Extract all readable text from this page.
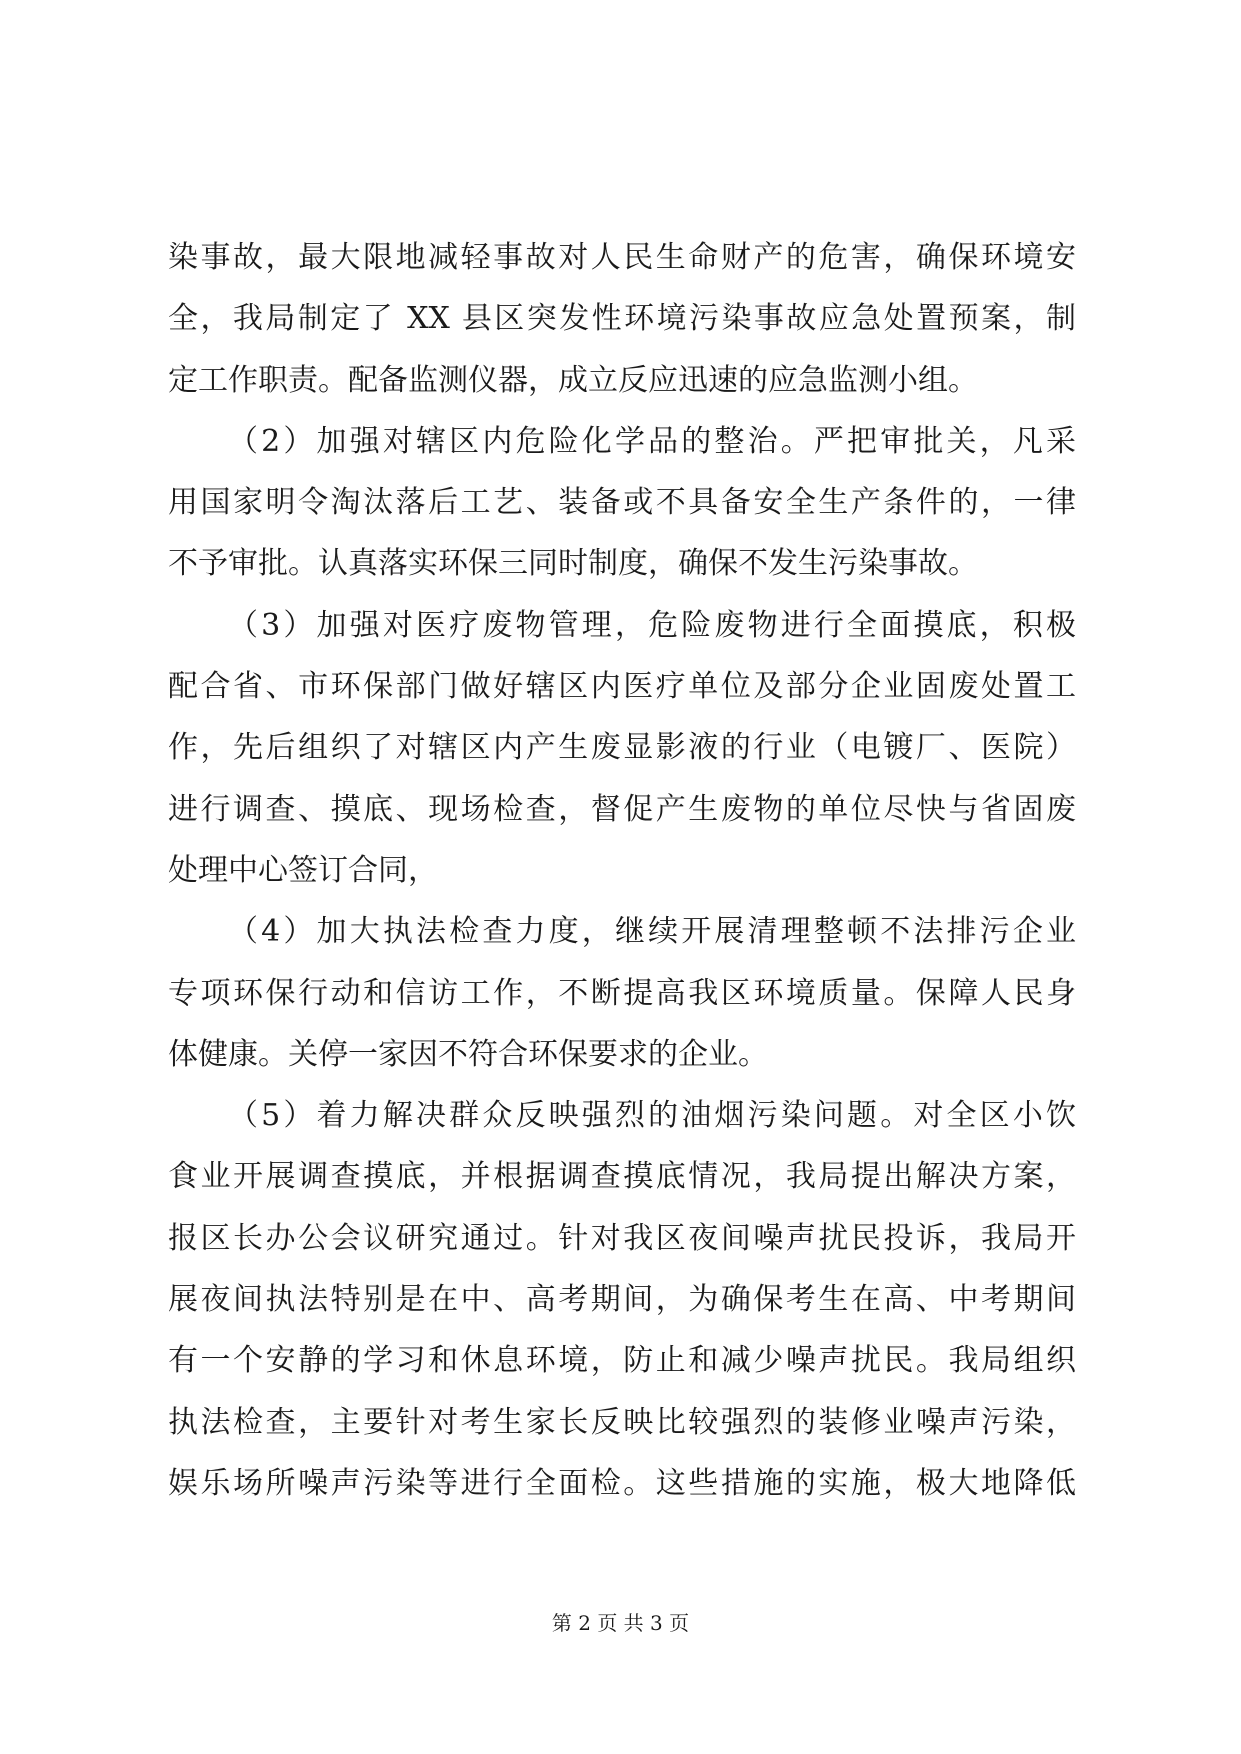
染事故，最大限地减轻事故对人民生命财产的危害，确保环境安
全，我局制定了 XX 县区突发性环境污染事故应急处置预案，制
定工作职责。配备监测仪器，成立反应迅速的应急监测小组。
（2）加强对辖区内危险化学品的整治。严把审批关，凡采
用国家明令淘汰落后工艺、装备或不具备安全生产条件的，一律
不予审批。认真落实环保三同时制度，确保不发生污染事故。
（3）加强对医疗废物管理，危险废物进行全面摸底，积极
配合省、市环保部门做好辖区内医疗单位及部分企业固废处置工
作，先后组织了对辖区内产生废显影液的行业（电镀厂、医院）
进行调查、摸底、现场检查，督促产生废物的单位尽快与省固废
处理中心签订合同，
（4）加大执法检查力度，继续开展清理整顿不法排污企业
专项环保行动和信访工作，不断提高我区环境质量。保障人民身
体健康。关停一家因不符合环保要求的企业。
（5）着力解决群众反映强烈的油烟污染问题。对全区小饮
食业开展调查摸底，并根据调查摸底情况，我局提出解决方案，
报区长办公会议研究通过。针对我区夜间噪声扰民投诉，我局开
展夜间执法特别是在中、高考期间，为确保考生在高、中考期间
有一个安静的学习和休息环境，防止和减少噪声扰民。我局组织
执法检查，主要针对考生家长反映比较强烈的装修业噪声污染，
娱乐场所噪声污染等进行全面检。这些措施的实施，极大地降低
第 2 页 共 3 页
